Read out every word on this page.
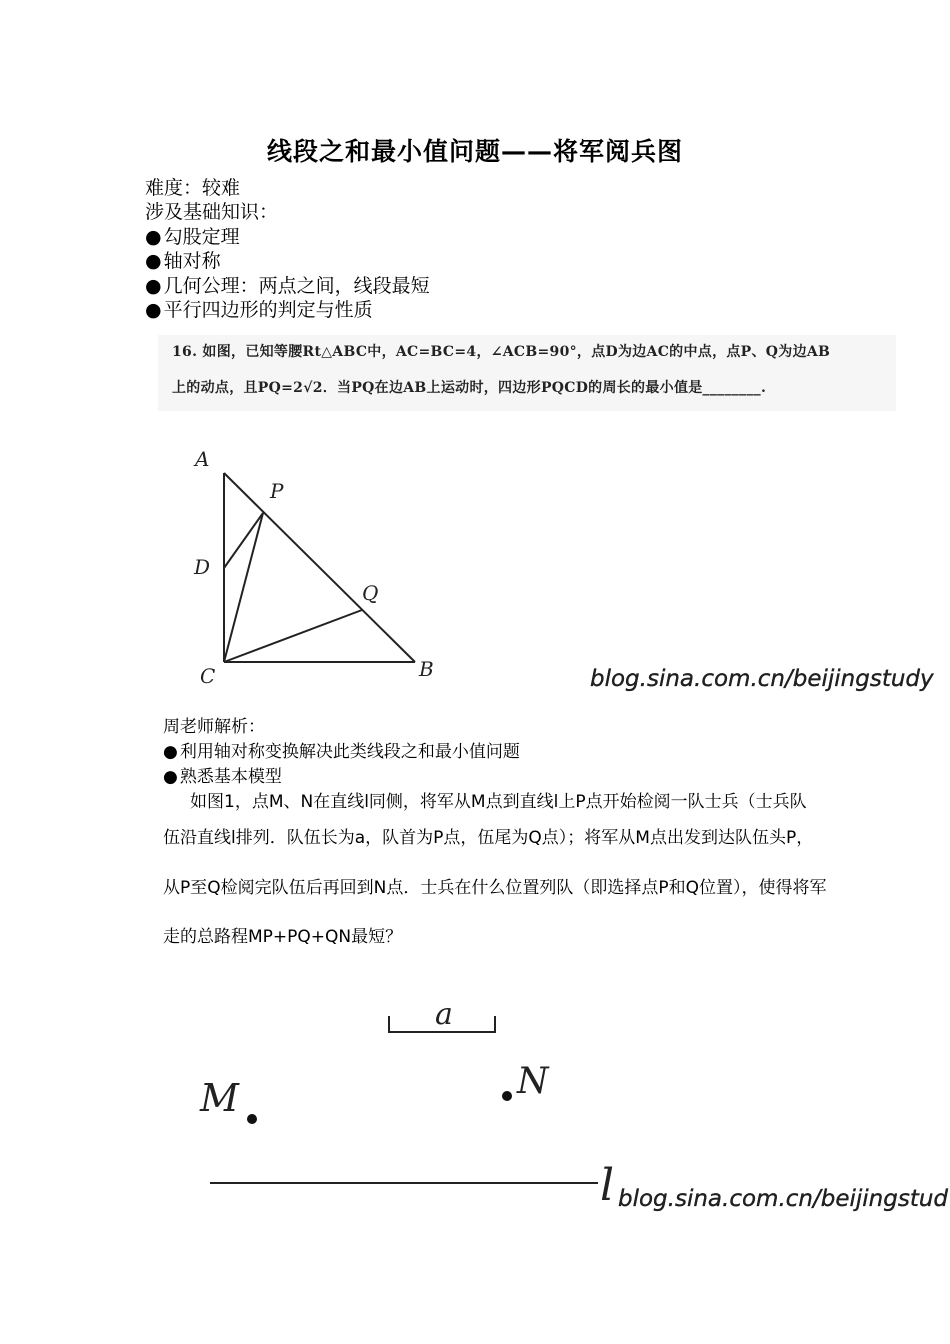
线段之和最小值问题——将军阅兵图
难度：较难
涉及基础知识：
● 勾股定理
● 轴对称
● 几何公理：两点之间，线段最短
● 平行四边形的判定与性质
16. 如图，已知等腰Rt△ABC中，AC=BC=4，∠ACB=90°，点D为边AC的中点，点P、Q为边AB
上的动点，且PQ=2√2．当PQ在边AB上运动时，四边形PQCD的周长的最小值是________.
A
P
D
Q
C	B	blog.sina.com.cn/beijingstudy
周老师解析：
● 利用轴对称变换解决此类线段之和最小值问题
● 熟悉基本模型
如图1，点M、N在直线l同侧，将军从M点到直线l上P点开始检阅一队士兵（士兵队
伍沿直线l排列．队伍长为a，队首为P点，伍尾为Q点）；将军从M点出发到达队伍头P，
从P至Q检阅完队伍后再回到N点．士兵在什么位置列队（即选择点P和Q位置），使得将军
走的总路程MP+PQ+QN最短？
a
M	N
l blog.sina.com.cn/beijingstud
